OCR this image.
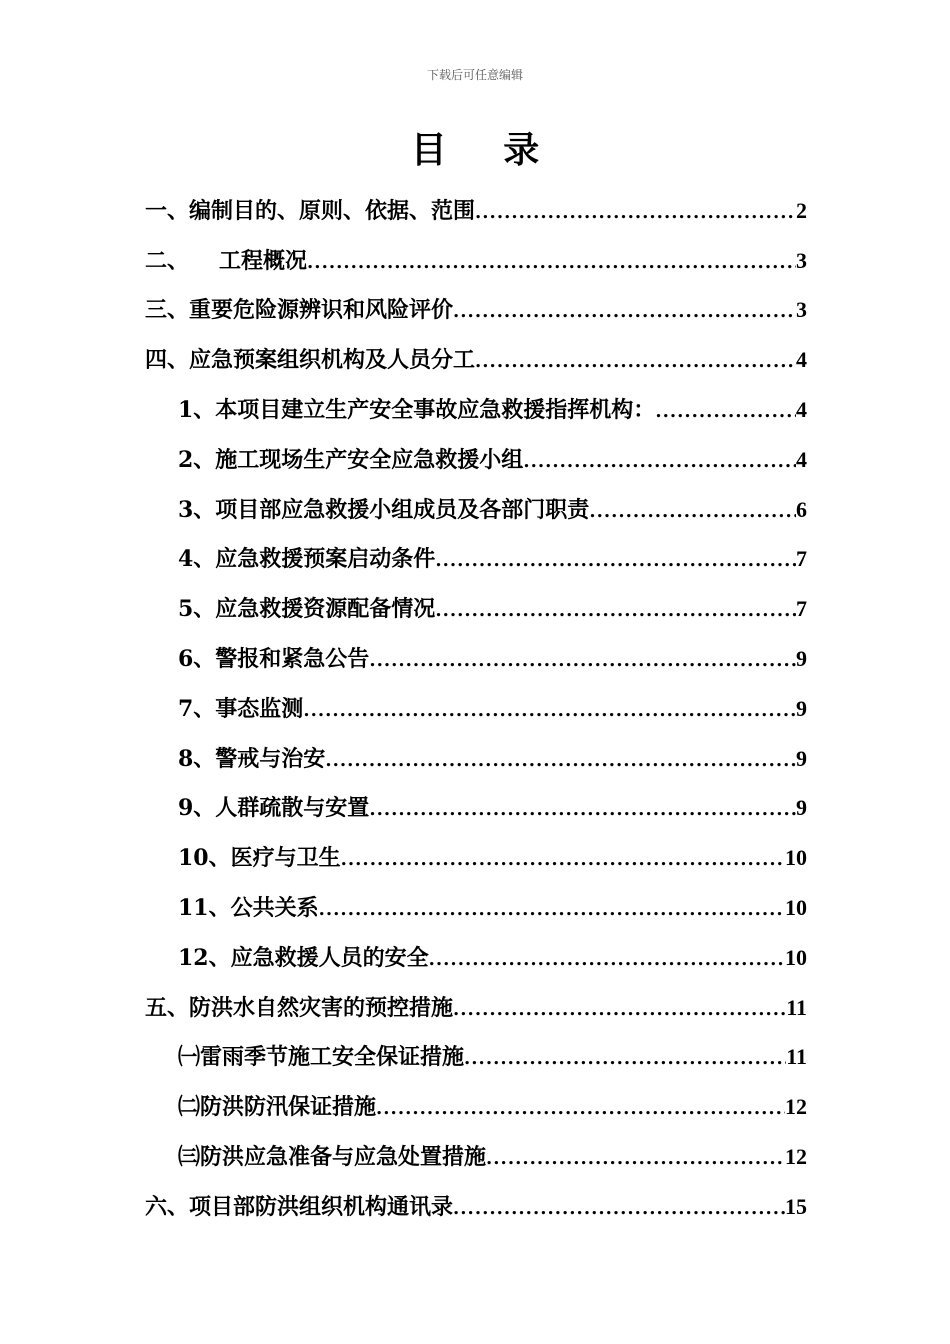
下载后可任意编辑
目 录
一、编制目的、原则、依据、范围 .....	2
二、 工程概况 .....	3
三、重要危险源辨识和风险评价 .....	3
四、应急预案组织机构及人员分工 .....	4
1、本项目建立生产安全事故应急救援指挥机构： .....	4
2、施工现场生产安全应急救援小组 .....	4
3、项目部应急救援小组成员及各部门职责 .....	6
4、应急救援预案启动条件 .....	7
5、应急救援资源配备情况 .....	7
6、警报和紧急公告 .....	9
7、事态监测 .....	9
8、警戒与治安 .....	9
9、人群疏散与安置 .....	9
10、医疗与卫生 .....	10
11、公共关系 .....	10
12、应急救援人员的安全 .....	10
五、防洪水自然灾害的预控措施 .....	11
㈠雷雨季节施工安全保证措施 .....	11
㈡防洪防汛保证措施 .....	12
㈢防洪应急准备与应急处置措施 .....	12
六、项目部防洪组织机构通讯录 .....	15
